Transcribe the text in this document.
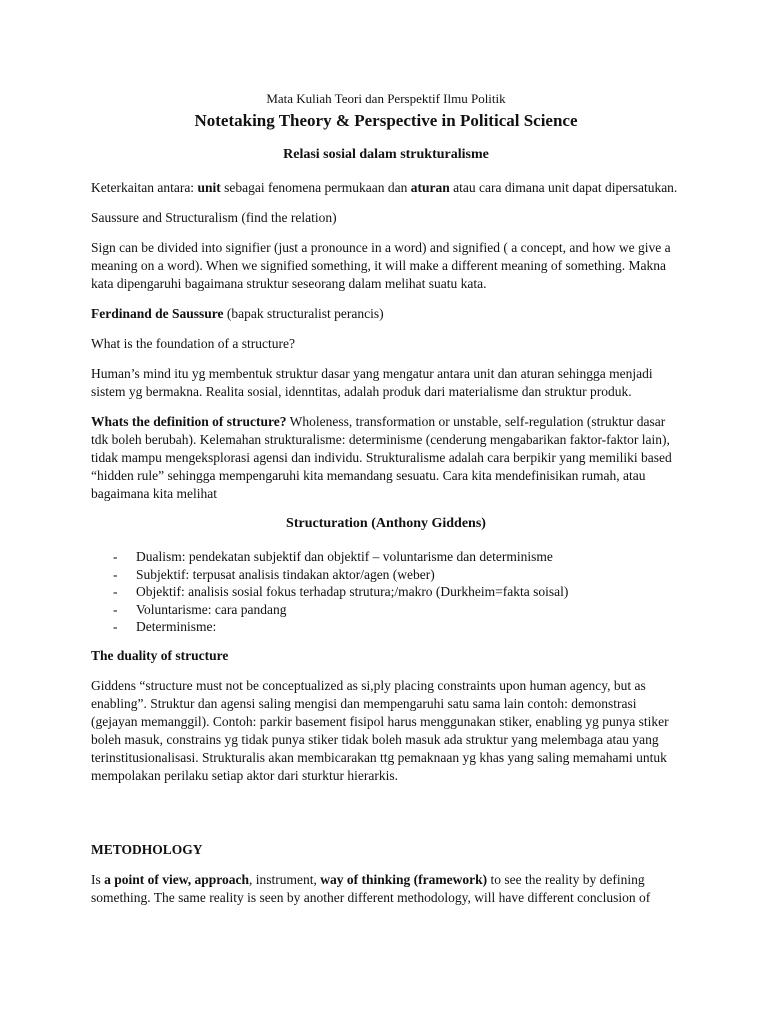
Mata Kuliah Teori dan Perspektif Ilmu Politik
Notetaking Theory & Perspective in Political Science
Relasi sosial dalam strukturalisme

Keterkaitan antara: unit sebagai fenomena permukaan dan aturan atau cara dimana unit dapat dipersatukan.

Saussure and Structuralism (find the relation)

Sign can be divided into signifier (just a pronounce in a word) and signified ( a concept, and how we give a meaning on a word). When we signified something, it will make a different meaning of something. Makna kata dipengaruhi bagaimana struktur seseorang dalam melihat suatu kata.

Ferdinand de Saussure (bapak structuralist perancis)

What is the foundation of a structure?

Human’s mind itu yg membentuk struktur dasar yang mengatur antara unit dan aturan sehingga menjadi sistem yg bermakna. Realita sosial, idenntitas, adalah produk dari materialisme dan struktur produk.

Whats the definition of structure? Wholeness, transformation or unstable, self-regulation (struktur dasar tdk boleh berubah). Kelemahan strukturalisme: determinisme (cenderung mengabarikan faktor-faktor lain), tidak mampu mengeksplorasi agensi dan individu. Strukturalisme adalah cara berpikir yang memiliki based “hidden rule” sehingga mempengaruhi kita memandang sesuatu. Cara kita mendefinisikan rumah, atau bagaimana kita melihat

Structuration (Anthony Giddens)
- Dualism: pendekatan subjektif dan objektif – voluntarisme dan determinisme
- Subjektif: terpusat analisis tindakan aktor/agen (weber)
- Objektif: analisis sosial fokus terhadap strutura;/makro (Durkheim=fakta soisal)
- Voluntarisme: cara pandang
- Determinisme:

The duality of structure

Giddens “structure must not be conceptualized as si,ply placing constraints upon human agency, but as enabling”. Struktur dan agensi saling mengisi dan mempengaruhi satu sama lain contoh: demonstrasi (gejayan memanggil). Contoh: parkir basement fisipol harus menggunakan stiker, enabling yg punya stiker boleh masuk, constrains yg tidak punya stiker tidak boleh masuk ada struktur yang melembaga atau yang terinstitusionalisasi. Strukturalis akan membicarakan ttg pemaknaan yg khas yang saling memahami untuk mempolakan perilaku setiap aktor dari sturktur hierarkis.

METODHOLOGY

Is a point of view, approach, instrument, way of thinking (framework) to see the reality by defining something. The same reality is seen by another different methodology, will have different conclusion of
